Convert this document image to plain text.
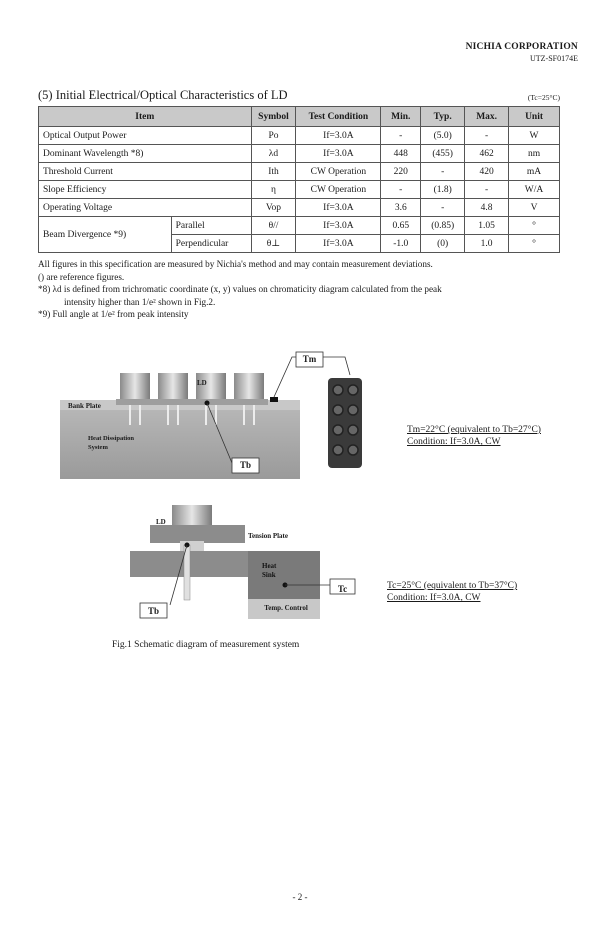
NICHIA CORPORATION
UTZ-SF0174E
(5) Initial Electrical/Optical Characteristics of LD	(Tc=25°C)
Item		Symbol	Test Condition	Min.	Typ.	Max.	Unit
Optical Output Power		Po	If=3.0A	-	(5.0)	-	W
Dominant Wavelength *8)		λd	If=3.0A	448	(455)	462	nm
Threshold Current		Ith	CW Operation	220	-	420	mA
Slope Efficiency		η	CW Operation	-	(1.8)	-	W/A
Operating Voltage		Vop	If=3.0A	3.6	-	4.8	V
Beam Divergence *9)	Parallel	θ//	If=3.0A	0.65	(0.85)	1.05	°
	Perpendicular	θ⊥	If=3.0A	-1.0	(0)	1.0	°

All figures in this specification are measured by Nichia's method and may contain measurement deviations.

() are reference figures.

*8) λd is defined from trichromatic coordinate (x, y) values on chromaticity diagram calculated from the peak

intensity higher than 1/e² shown in Fig.2.

*9) Full angle at 1/e² from peak intensity

Tm
Tb
LD
Bank Plate
Heat Dissipation
System
Tm=22°C (equivalent to Tb=27°C)
Condition: If=3.0A, CW
LD
Tension Plate
Heat
Sink
Tc
Tb	Temp. Control
Tc=25°C (equivalent to Tb=37°C)
Condition: If=3.0A, CW
Fig.1 Schematic diagram of measurement system
- 2 -
